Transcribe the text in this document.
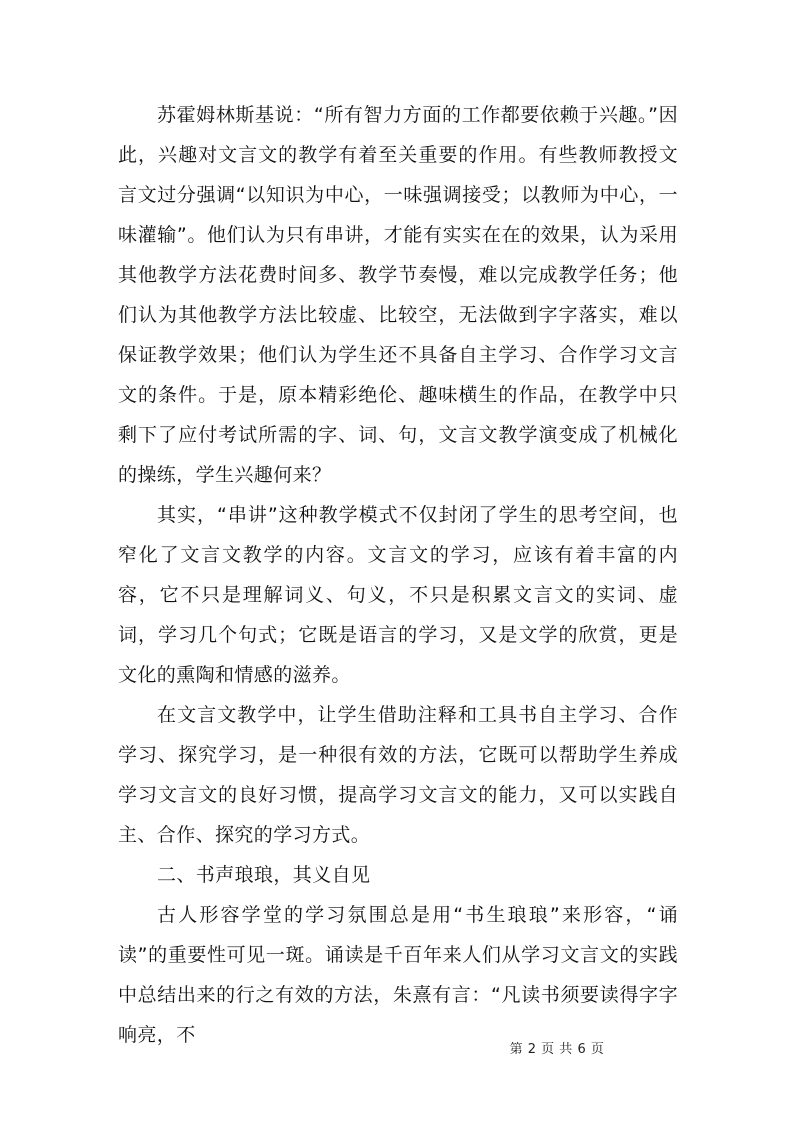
苏霍姆林斯基说：“所有智力方面的工作都要依赖于兴趣。”因此，兴趣对文言文的教学有着至关重要的作用。有些教师教授文言文过分强调“以知识为中心，一味强调接受；以教师为中心，一味灌输”。他们认为只有串讲，才能有实实在在的效果，认为采用其他教学方法花费时间多、教学节奏慢，难以完成教学任务；他们认为其他教学方法比较虚、比较空，无法做到字字落实，难以保证教学效果；他们认为学生还不具备自主学习、合作学习文言文的条件。于是，原本精彩绝伦、趣味横生的作品，在教学中只剩下了应付考试所需的字、词、句，文言文教学演变成了机械化的操练，学生兴趣何来？

其实，“串讲”这种教学模式不仅封闭了学生的思考空间，也窄化了文言文教学的内容。文言文的学习，应该有着丰富的内容，它不只是理解词义、句义，不只是积累文言文的实词、虚词，学习几个句式；它既是语言的学习，又是文学的欣赏，更是文化的熏陶和情感的滋养。

在文言文教学中，让学生借助注释和工具书自主学习、合作学习、探究学习，是一种很有效的方法，它既可以帮助学生养成学习文言文的良好习惯，提高学习文言文的能力，又可以实践自主、合作、探究的学习方式。

二、书声琅琅，其义自见

古人形容学堂的学习氛围总是用“书生琅琅”来形容，“诵读”的重要性可见一斑。诵读是千百年来人们从学习文言文的实践中总结出来的行之有效的方法，朱熹有言：“凡读书须要读得字字响亮，不

第 2 页 共 6 页
